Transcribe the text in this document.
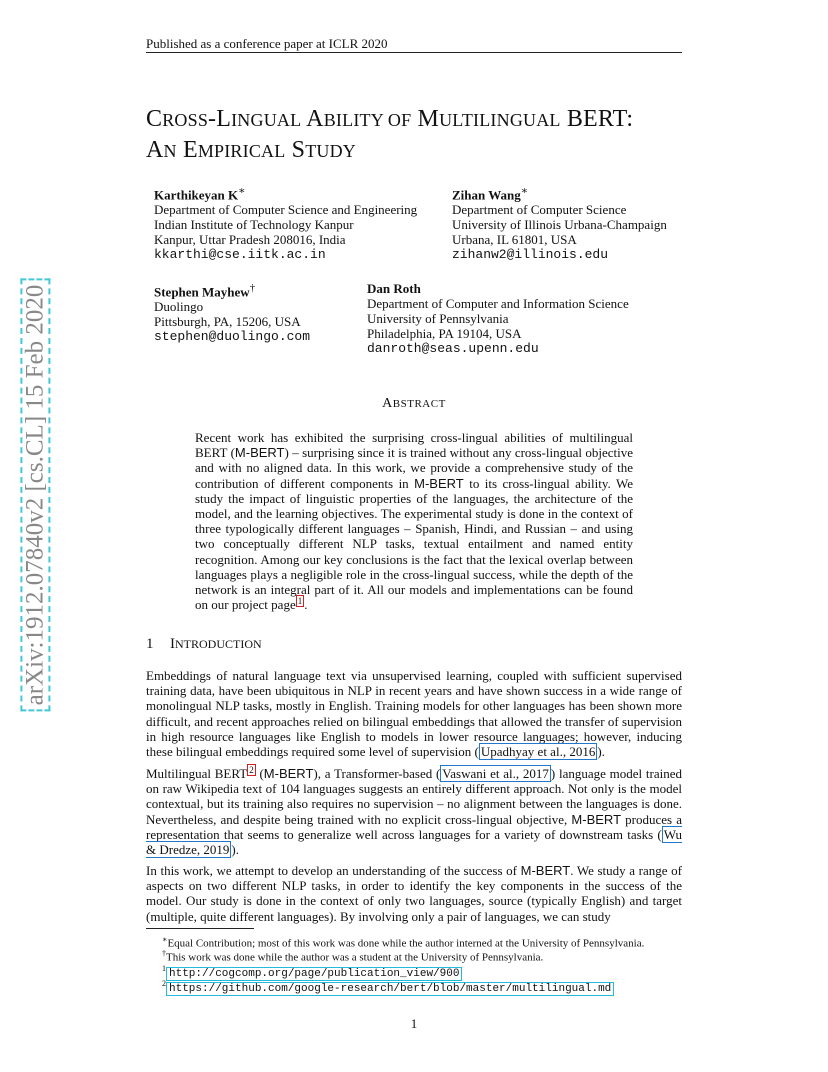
Published as a conference paper at ICLR 2020
arXiv:1912.07840v2 [cs.CL] 15 Feb 2020
CROSS-LINGUAL ABILITY OF MULTILINGUAL BERT:
AN EMPIRICAL STUDY
Karthikeyan K∗
Department of Computer Science and Engineering
Indian Institute of Technology Kanpur
Kanpur, Uttar Pradesh 208016, India
kkarthi@cse.iitk.ac.in
Zihan Wang∗
Department of Computer Science
University of Illinois Urbana-Champaign
Urbana, IL 61801, USA
zihanw2@illinois.edu
Stephen Mayhew†
Duolingo
Pittsburgh, PA, 15206, USA
stephen@duolingo.com
Dan Roth
Department of Computer and Information Science
University of Pennsylvania
Philadelphia, PA 19104, USA
danroth@seas.upenn.edu
ABSTRACT
Recent work has exhibited the surprising cross-lingual abilities of multilingual BERT (M-BERT) – surprising since it is trained without any cross-lingual objective and with no aligned data. In this work, we provide a comprehensive study of the contribution of different components in M-BERT to its cross-lingual ability. We study the impact of linguistic properties of the languages, the architecture of the model, and the learning objectives. The experimental study is done in the context of three typologically different languages – Spanish, Hindi, and Russian – and using two conceptually different NLP tasks, textual entailment and named entity recognition. Among our key conclusions is the fact that the lexical overlap between languages plays a negligible role in the cross-lingual success, while the depth of the network is an integral part of it. All our models and implementations can be found on our project page $^1$ .
1 INTRODUCTION
Embeddings of natural language text via unsupervised learning, coupled with sufficient supervised training data, have been ubiquitous in NLP in recent years and have shown success in a wide range of monolingual NLP tasks, mostly in English. Training models for other languages has been shown more difficult, and recent approaches relied on bilingual embeddings that allowed the transfer of supervision in high resource languages like English to models in lower resource languages; however, inducing these bilingual embeddings required some level of supervision ( Upadhyay et al., 2016 ).
Multilingual BERT $^2$ (M-BERT), a Transformer-based ( Vaswani et al., 2017 ) language model trained on raw Wikipedia text of 104 languages suggests an entirely different approach. Not only is the model contextual, but its training also requires no supervision – no alignment between the languages is done. Nevertheless, and despite being trained with no explicit cross-lingual objective, M-BERT produces a representation that seems to generalize well across languages for a variety of downstream tasks ( Wu & Dredze, 2019 ).
In this work, we attempt to develop an understanding of the success of M-BERT. We study a range of aspects on two different NLP tasks, in order to identify the key components in the success of the model. Our study is done in the context of only two languages, source (typically English) and target (multiple, quite different languages). By involving only a pair of languages, we can study
∗Equal Contribution; most of this work was done while the author interned at the University of Pennsylvania.
†This work was done while the author was a student at the University of Pennsylvania.
$^1$ http://cogcomp.org/page/publication_view/900
$^2$ https://github.com/google-research/bert/blob/master/multilingual.md
1
